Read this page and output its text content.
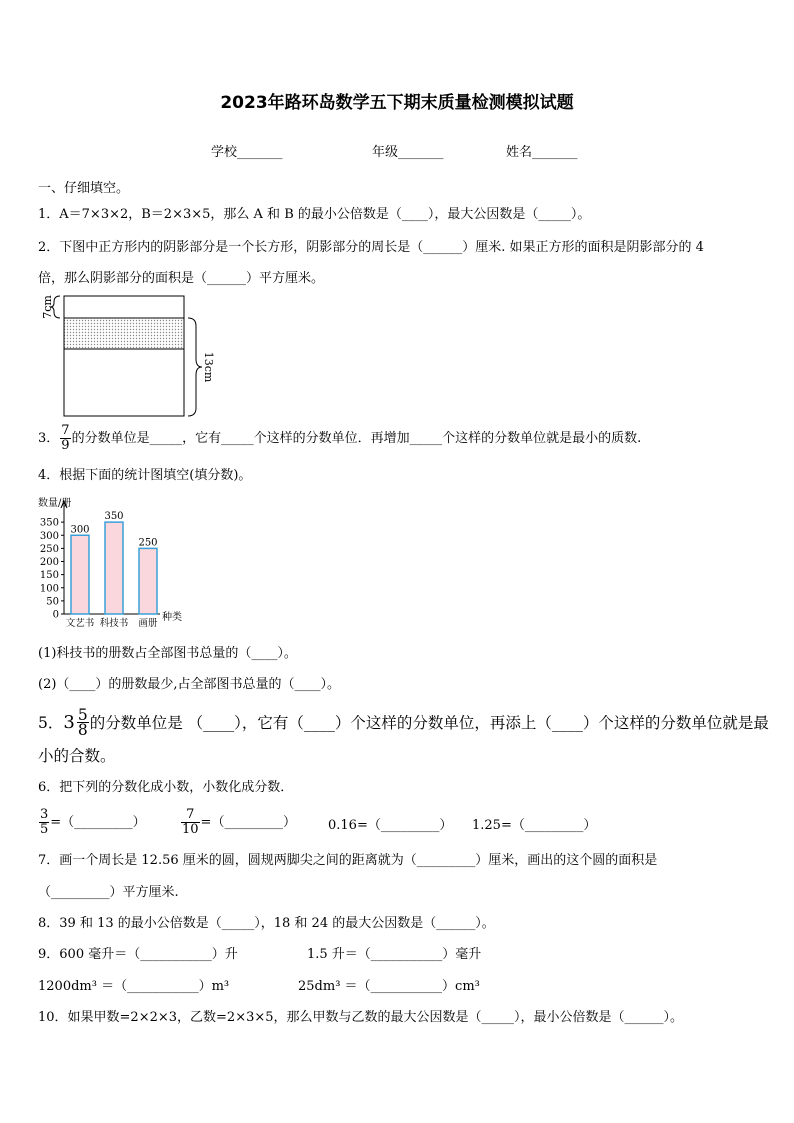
2023年路环岛数学五下期末质量检测模拟试题
学校_______	年级_______	姓名_______
一、仔细填空。
1．A＝7×3×2，B＝2×3×5，那么 A 和 B 的最小公倍数是（____），最大公因数是（_____）。
2．下图中正方形内的阴影部分是一个长方形，阴影部分的周长是（______）厘米. 如果正方形的面积是阴影部分的 4
倍，那么阴影部分的面积是（______）平方厘米。
7cm
13cm
3． $\frac{7}{9}$ 的分数单位是_____，它有_____个这样的分数单位．再增加_____个这样的分数单位就是最小的质数.
4．根据下面的统计图填空(填分数)。
数量/册
种类
0
50
100
150
200
250
300
350
300
350
250
文艺书 科技书 画册
(1)科技书的册数占全部图书总量的（____）。
(2)（____）的册数最少,占全部图书总量的（____）。
5． $3 \frac{5}{8}$ 的分数单位是 （____），它有（____）个这样的分数单位，再添上（____）个这样的分数单位就是最
小的合数。
6．把下列的分数化成小数，小数化成分数．
$\frac{3}{5}$ =（_________）	$\frac{7}{10}$ =（_________） 0.16=（_________） 1.25=（_________）
7．画一个周长是 12.56 厘米的圆，圆规两脚尖之间的距离就为（_________）厘米，画出的这个圆的面积是
（_________）平方厘米.
8．39 和 13 的最小公倍数是（_____），18 和 24 的最大公因数是（______）。
9．600 毫升＝（___________）升	1.5 升＝（___________）毫升
1200dm³ ＝（___________）m³	25dm³ ＝（___________）cm³
10．如果甲数=2×2×3，乙数=2×3×5，那么甲数与乙数的最大公因数是（_____），最小公倍数是（______）。
